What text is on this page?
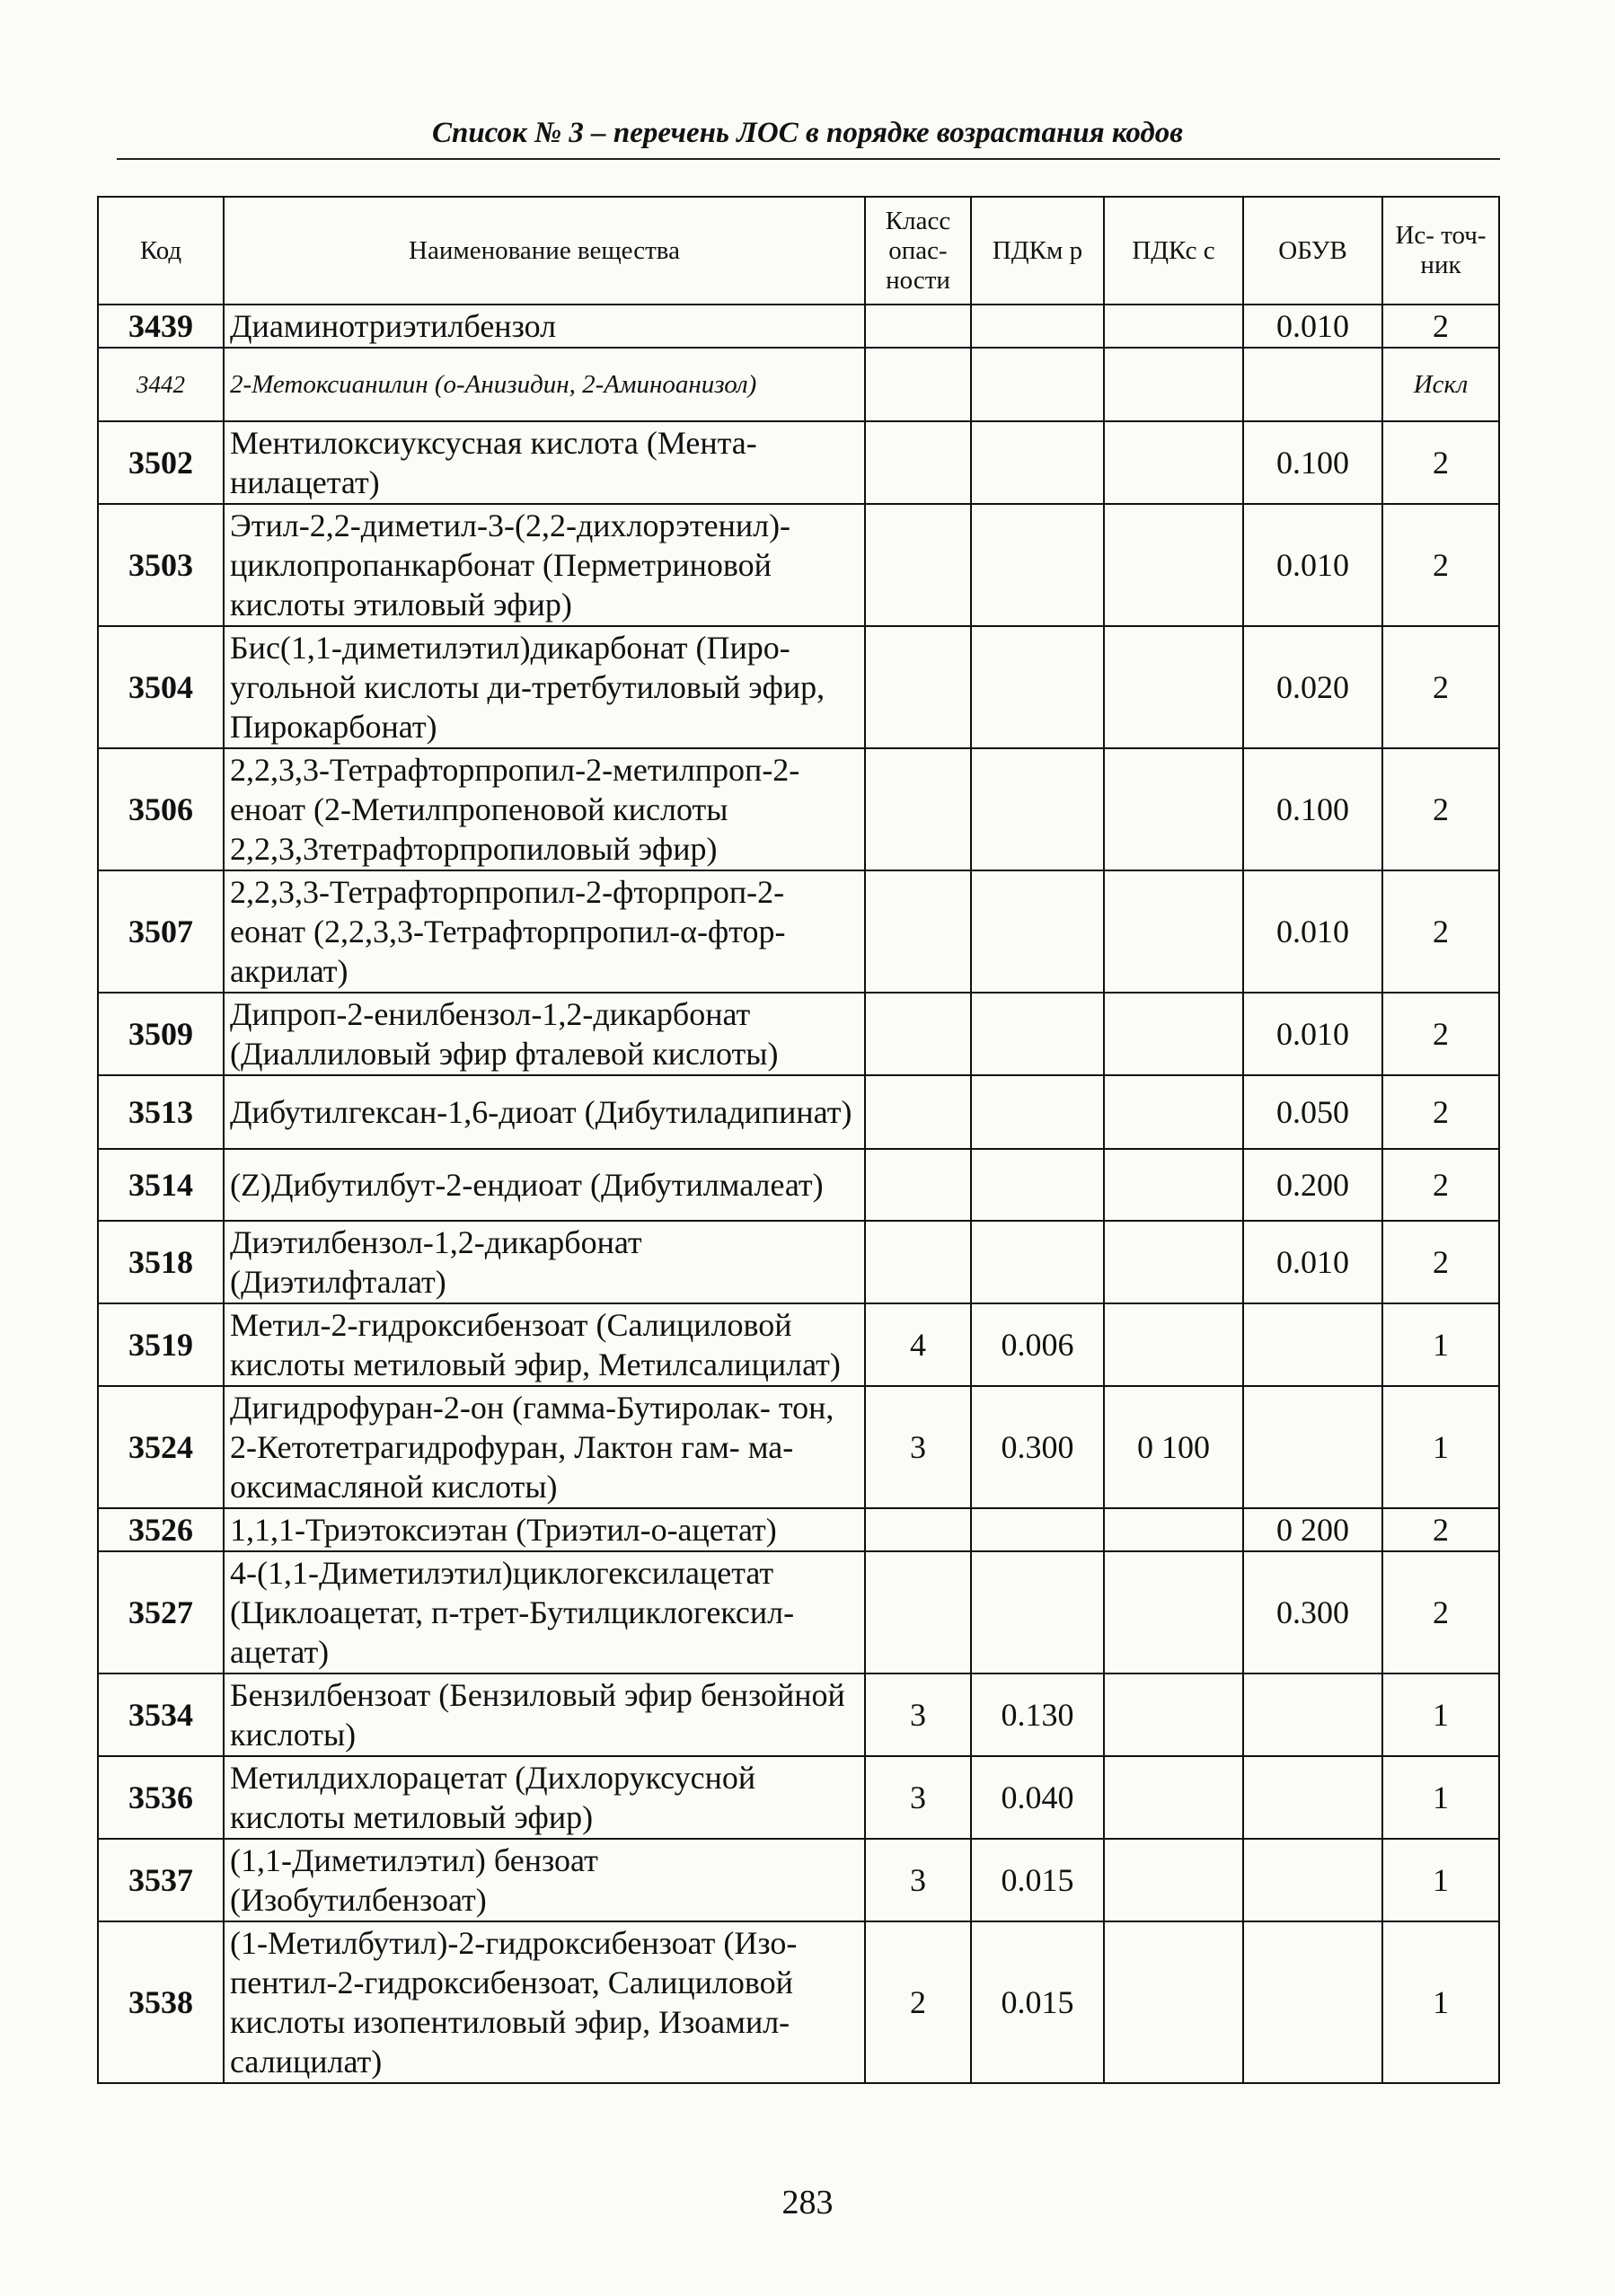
Список № 3 – перечень ЛОС в порядке возрастания кодов
Код	Наименование вещества	Класс опас- ности	ПДКм р	ПДКс с	ОБУВ	Ис- точ- ник
3439	Диаминотриэтилбензол				0.010	2
3442	2-Метоксианилин (о-Анизидин, 2-Аминоанизол)					Искл
3502	Ментилоксиуксусная кислота (Мента- нилацетат)				0.100	2
3503	Этил-2,2-диметил-3-(2,2-дихлорэтенил)- циклопропанкарбонат (Перметриновой кислоты этиловый эфир)				0.010	2
3504	Бис(1,1-диметилэтил)дикарбонат (Пиро- угольной кислоты ди-третбутиловый эфир, Пирокарбонат)				0.020	2
3506	2,2,3,3-Тетрафторпропил-2-метилпроп-2- еноат (2-Метилпропеновой кислоты 2,2,3,3тетрафторпропиловый эфир)				0.100	2
3507	2,2,3,3-Тетрафторпропил-2-фторпроп-2- еонат (2,2,3,3-Тетрафторпропил-α-фтор- акрилат)				0.010	2
3509	Дипроп-2-енилбензол-1,2-дикарбонат (Диаллиловый эфир фталевой кислоты)				0.010	2
3513	Дибутилгексан-1,6-диоат (Дибутиладипинат)				0.050	2
3514	(Z)Дибутилбут-2-ендиоат (Дибутилмалеат)				0.200	2
3518	Диэтилбензол-1,2-дикарбонат (Диэтилфталат)				0.010	2
3519	Метил-2-гидроксибензоат (Салициловой кислоты метиловый эфир, Метилсалицилат)	4	0.006			1
3524	Дигидрофуран-2-он (гамма-Бутиролак- тон, 2-Кетотетрагидрофуран, Лактон гам- ма-оксимасляной кислоты)	3	0.300	0 100		1
3526	1,1,1-Триэтоксиэтан (Триэтил-о-ацетат)				0 200	2
3527	4-(1,1-Диметилэтил)циклогексилацетат (Циклоацетат, п-трет-Бутилциклогексил- ацетат)				0.300	2
3534	Бензилбензоат (Бензиловый эфир бензойной кислоты)	3	0.130			1
3536	Метилдихлорацетат (Дихлоруксусной кислоты метиловый эфир)	3	0.040			1
3537	(1,1-Диметилэтил) бензоат (Изобутилбензоат)	3	0.015			1
3538	(1-Метилбутил)-2-гидроксибензоат (Изо- пентил-2-гидроксибензоат, Салициловой кислоты изопентиловый эфир, Изоамил- салицилат)	2	0.015			1
283
